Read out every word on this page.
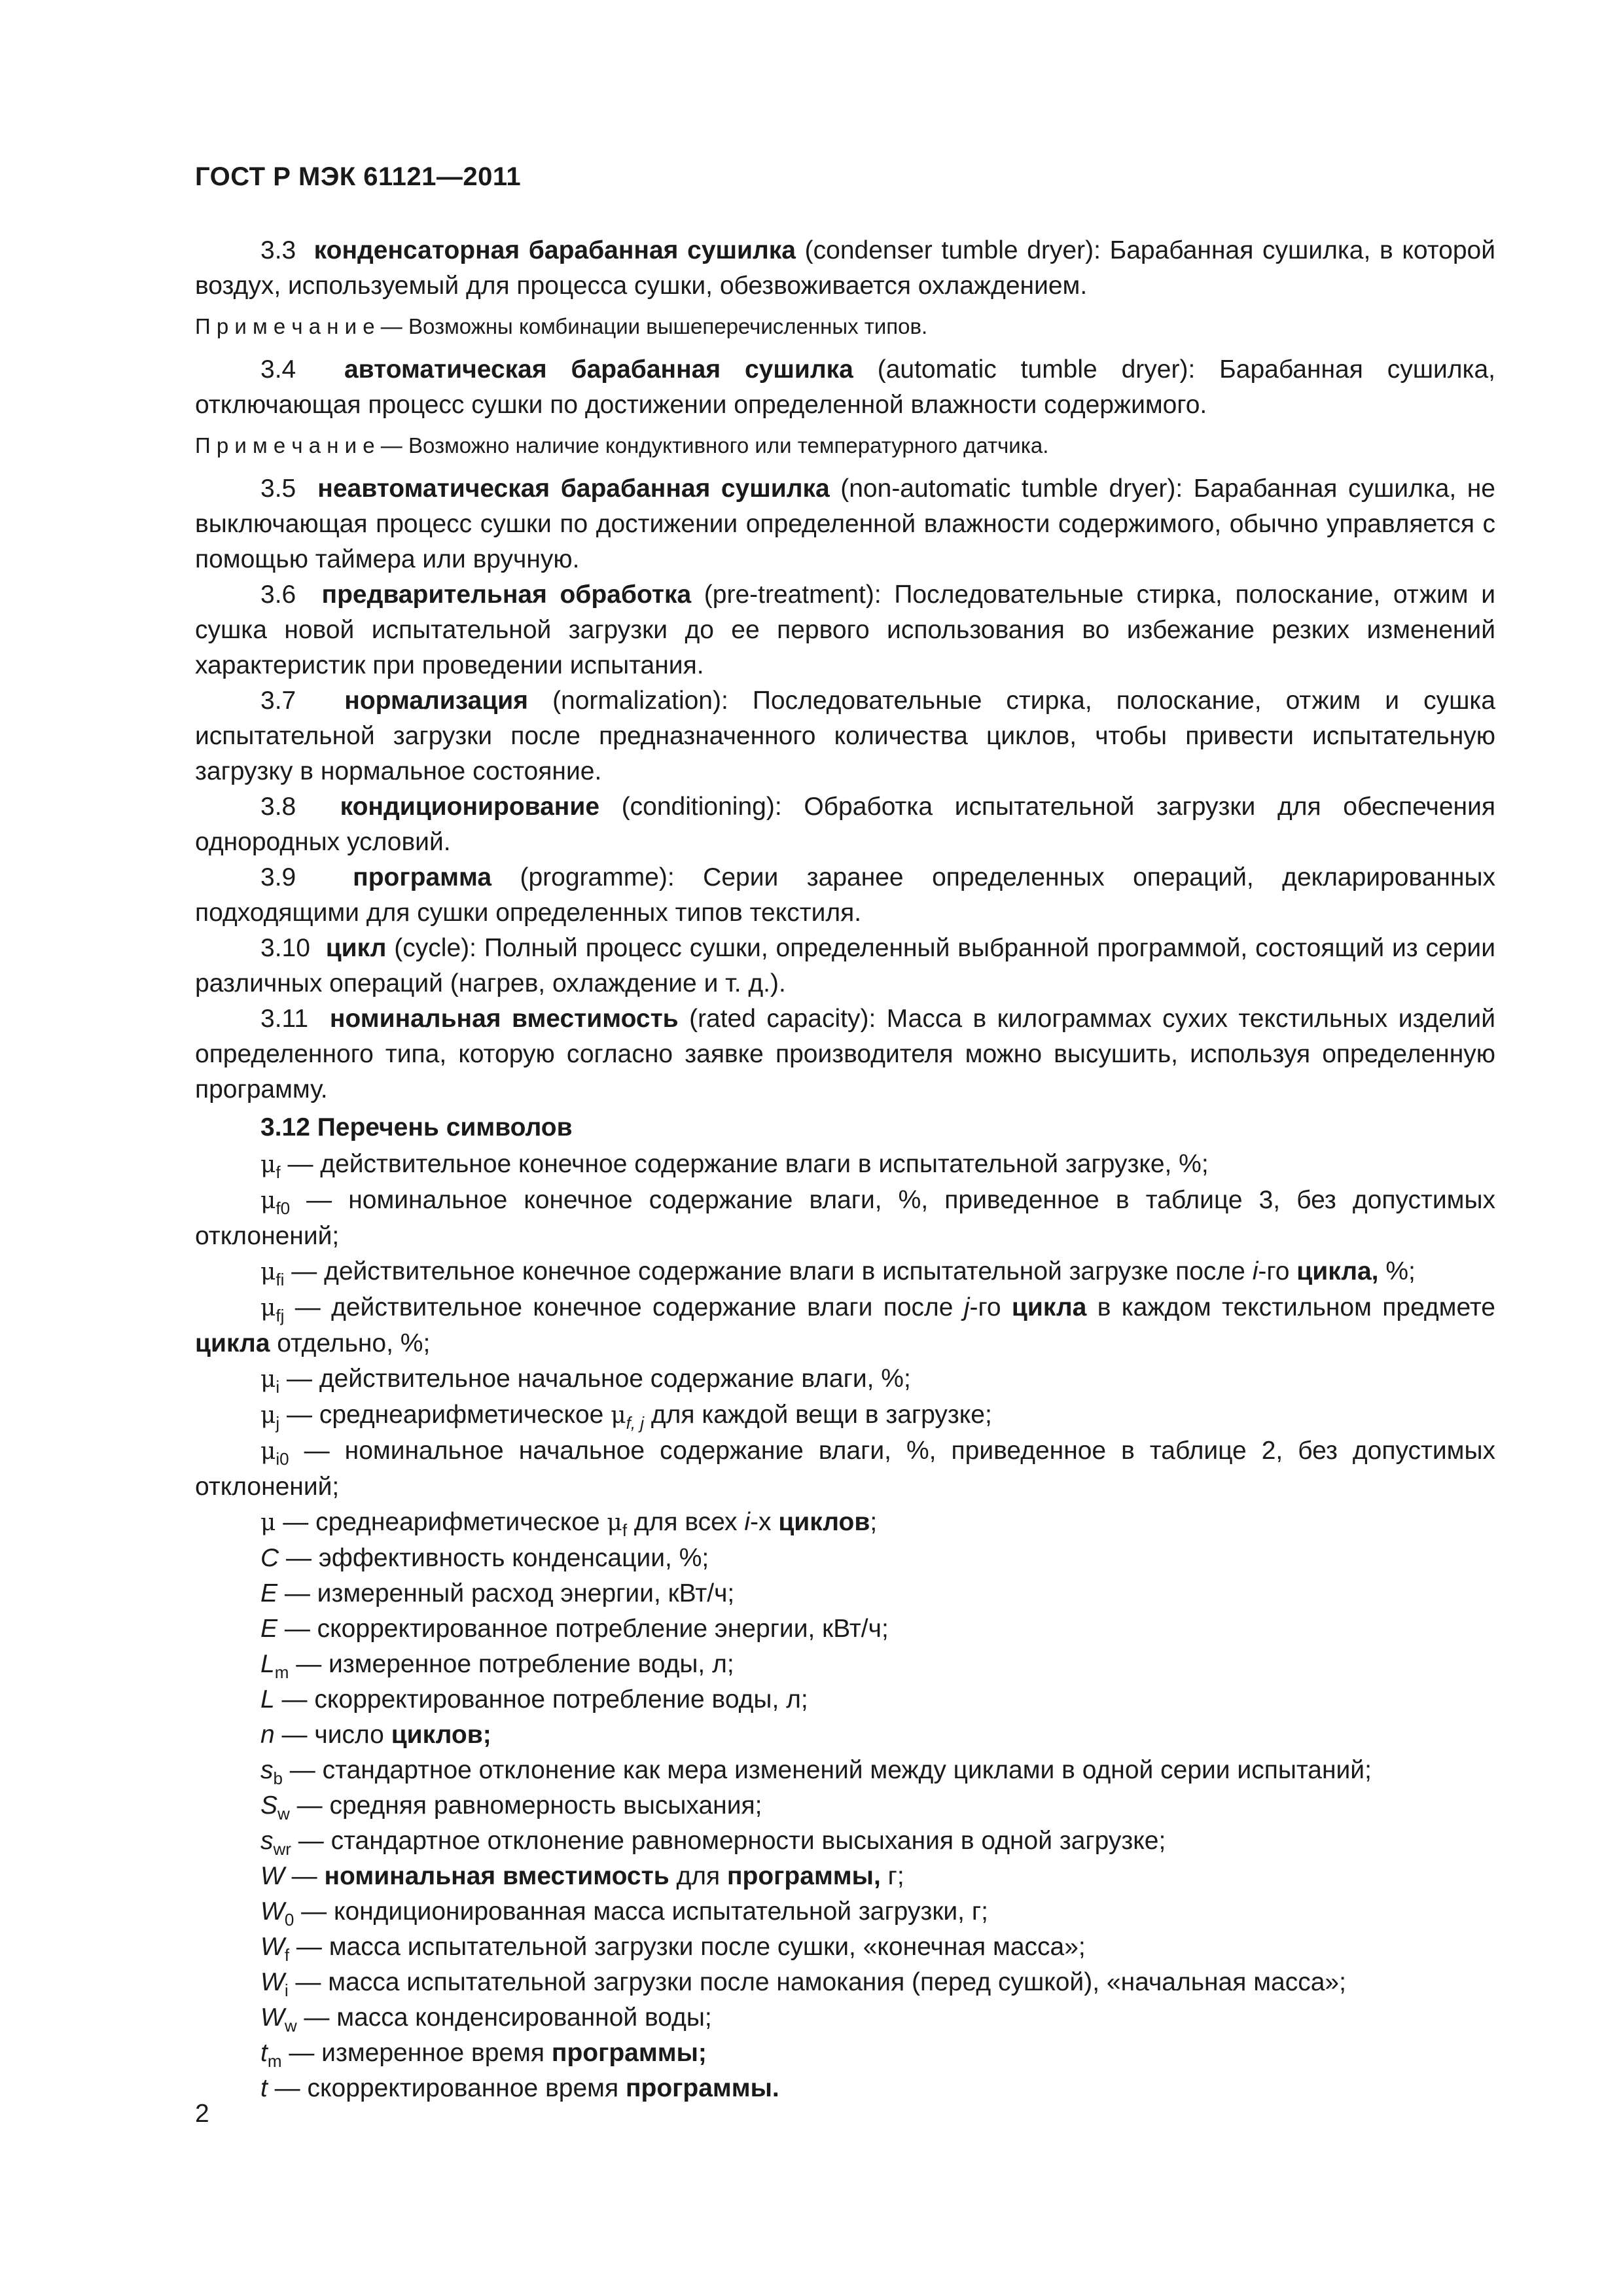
ГОСТ Р МЭК 61121—2011

3.3 конденсаторная барабанная сушилка (condenser tumble dryer): Барабанная сушилка, в которой воздух, используемый для процесса сушки, обезвоживается охлаждением.

П р и м е ч а н и е — Возможны комбинации вышеперечисленных типов.

3.4 автоматическая барабанная сушилка (automatic tumble dryer): Барабанная сушилка, отключающая процесс сушки по достижении определенной влажности содержимого.

П р и м е ч а н и е — Возможно наличие кондуктивного или температурного датчика.

3.5 неавтоматическая барабанная сушилка (non-automatic tumble dryer): Барабанная сушилка, не выключающая процесс сушки по достижении определенной влажности содержимого, обычно управляется с помощью таймера или вручную.

3.6 предварительная обработка (pre-treatment): Последовательные стирка, полоскание, отжим и сушка новой испытательной загрузки до ее первого использования во избежание резких изменений характеристик при проведении испытания.

3.7 нормализация (normalization): Последовательные стирка, полоскание, отжим и сушка испытательной загрузки после предназначенного количества циклов, чтобы привести испытательную загрузку в нормальное состояние.

3.8 кондиционирование (conditioning): Обработка испытательной загрузки для обеспечения однородных условий.

3.9 программа (programme): Серии заранее определенных операций, декларированных подходящими для сушки определенных типов текстиля.

3.10 цикл (cycle): Полный процесс сушки, определенный выбранной программой, состоящий из серии различных операций (нагрев, охлаждение и т. д.).

3.11 номинальная вместимость (rated capacity): Масса в килограммах сухих текстильных изделий определенного типа, которую согласно заявке производителя можно высушить, используя определенную программу.

3.12 Перечень символов

$\mu_f$ — действительное конечное содержание влаги в испытательной загрузке, %;

$\mu_{f0}$ — номинальное конечное содержание влаги, %, приведенное в таблице 3, без допустимых отклонений;

$\mu_{fi}$ — действительное конечное содержание влаги в испытательной загрузке после i-го цикла, %;

$\mu_{fj}$ — действительное конечное содержание влаги после j-го цикла в каждом текстильном предмете цикла отдельно, %;

$\mu_i$ — действительное начальное содержание влаги, %;

$\mu_j$ — среднеарифметическое $\mu_{f, j}$ для каждой вещи в загрузке;

$\mu_{i0}$ — номинальное начальное содержание влаги, %, приведенное в таблице 2, без допустимых отклонений;

μ — среднеарифметическое $\mu_f$ для всех i-х циклов;

C — эффективность конденсации, %;

E — измеренный расход энергии, кВт/ч;

E — скорректированное потребление энергии, кВт/ч;

$L_m$ — измеренное потребление воды, л;

L — скорректированное потребление воды, л;

n — число циклов;

$s_b$ — стандартное отклонение как мера изменений между циклами в одной серии испытаний;

$S_w$ — средняя равномерность высыхания;

$s_{wr}$ — стандартное отклонение равномерности высыхания в одной загрузке;

W — номинальная вместимость для программы, г;

$W_0$ — кондиционированная масса испытательной загрузки, г;

$W_f$ — масса испытательной загрузки после сушки, «конечная масса»;

$W_i$ — масса испытательной загрузки после намокания (перед сушкой), «начальная масса»;

$W_w$ — масса конденсированной воды;

$t_m$ — измеренное время программы;

t — скорректированное время программы.

2
